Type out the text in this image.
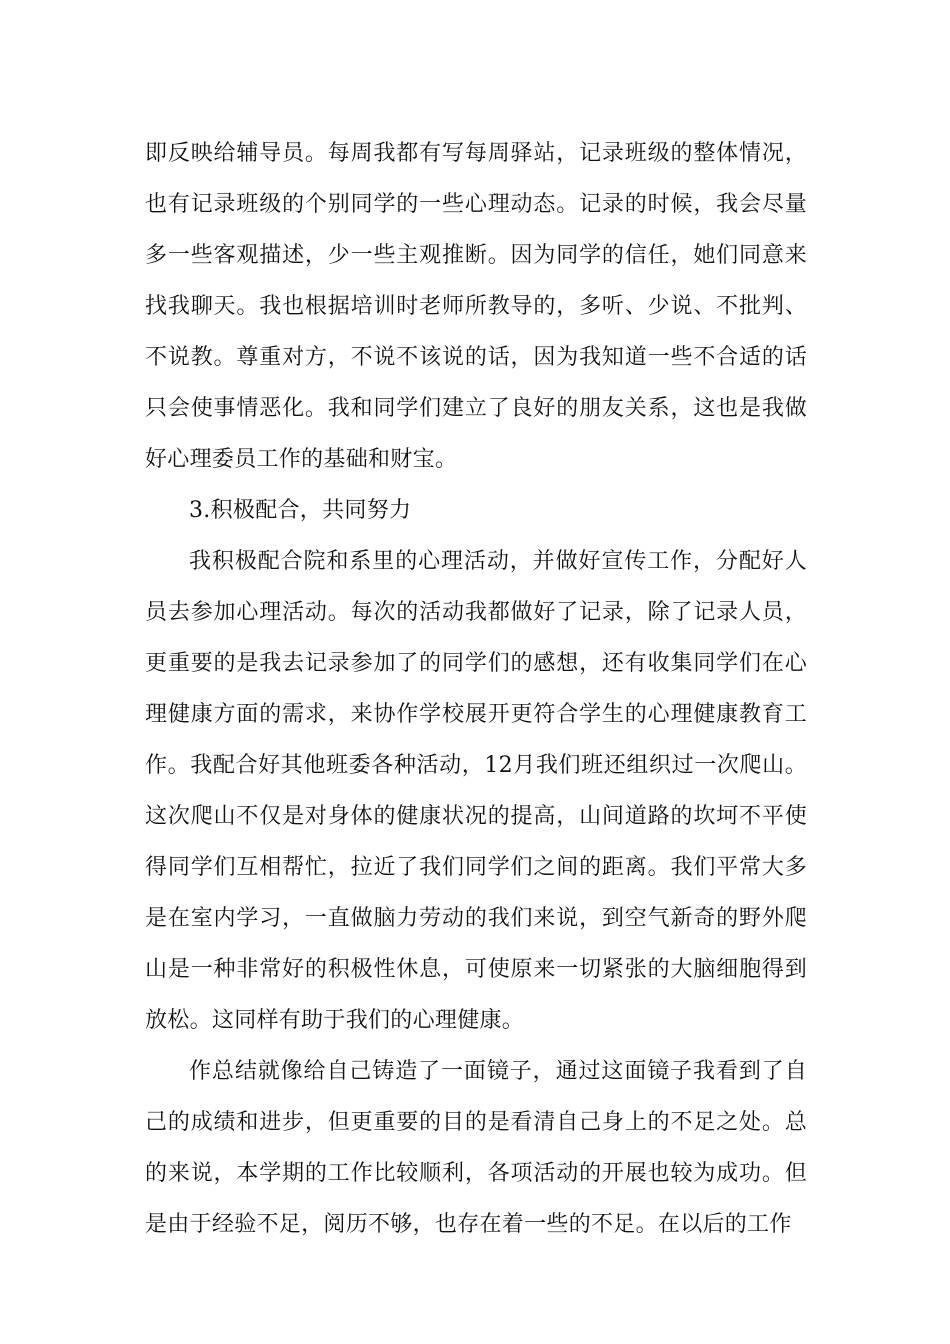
即反映给辅导员。每周我都有写每周驿站，记录班级的整体情况，也有记录班级的个别同学的一些心理动态。记录的时候，我会尽量多一些客观描述，少一些主观推断。因为同学的信任，她们同意来找我聊天。我也根据培训时老师所教导的，多听、少说、不批判、不说教。尊重对方，不说不该说的话，因为我知道一些不合适的话只会使事情恶化。我和同学们建立了良好的朋友关系，这也是我做好心理委员工作的基础和财宝。

3.积极配合，共同努力

我积极配合院和系里的心理活动，并做好宣传工作，分配好人员去参加心理活动。每次的活动我都做好了记录，除了记录人员，更重要的是我去记录参加了的同学们的感想，还有收集同学们在心理健康方面的需求，来协作学校展开更符合学生的心理健康教育工作。我配合好其他班委各种活动，12月我们班还组织过一次爬山。这次爬山不仅是对身体的健康状况的提高，山间道路的坎坷不平使得同学们互相帮忙，拉近了我们同学们之间的距离。我们平常大多是在室内学习，一直做脑力劳动的我们来说，到空气新奇的野外爬山是一种非常好的积极性休息，可使原来一切紧张的大脑细胞得到放松。这同样有助于我们的心理健康。

作总结就像给自己铸造了一面镜子，通过这面镜子我看到了自己的成绩和进步，但更重要的目的是看清自己身上的不足之处。总的来说，本学期的工作比较顺利，各项活动的开展也较为成功。但是由于经验不足，阅历不够，也存在着一些的不足。在以后的工作
